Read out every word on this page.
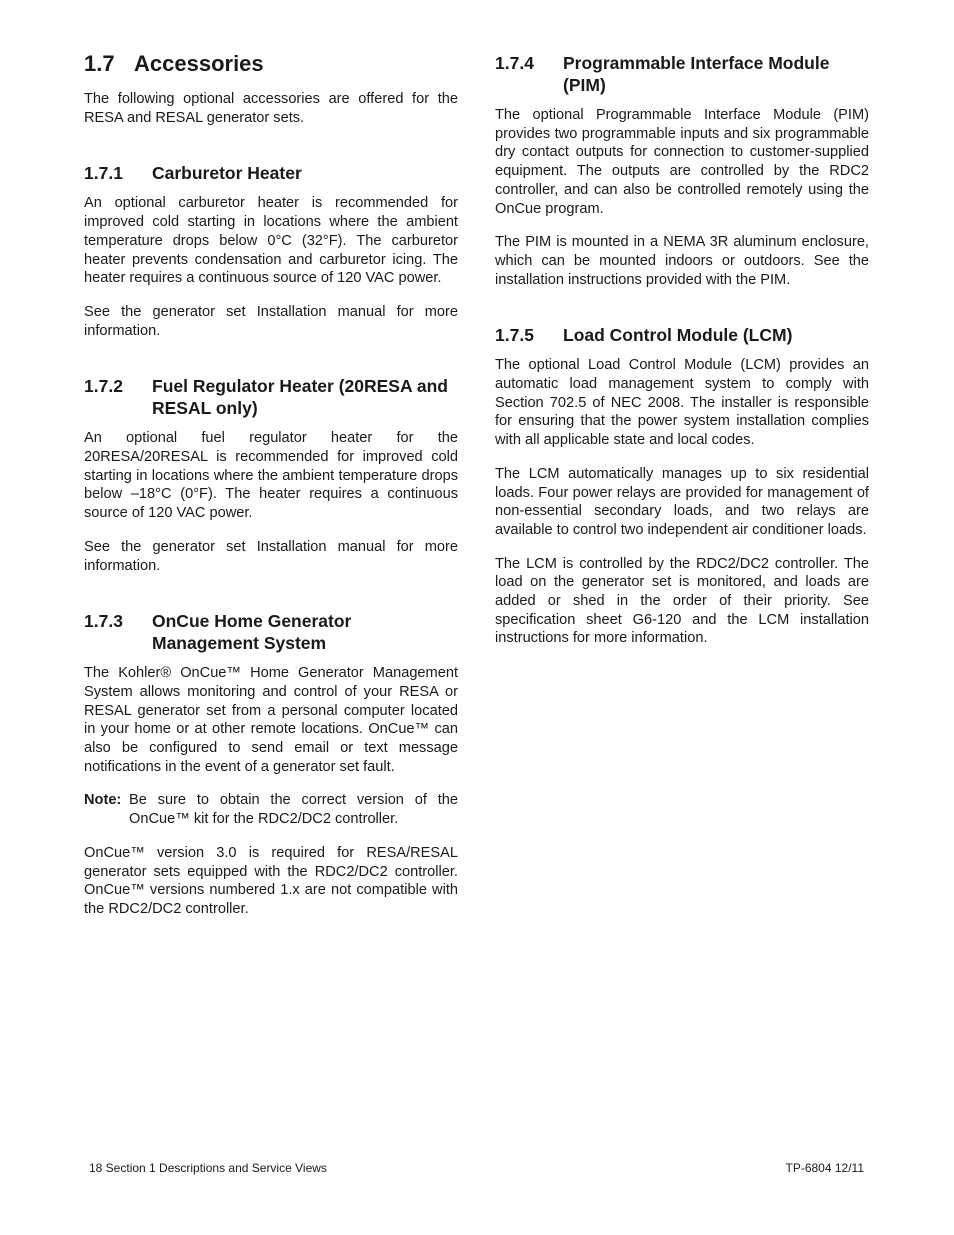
1.7 Accessories

The following optional accessories are offered for the RESA and RESAL generator sets.

1.7.1	Carburetor Heater

An optional carburetor heater is recommended for improved cold starting in locations where the ambient temperature drops below 0°C (32°F). The carburetor heater prevents condensation and carburetor icing. The heater requires a continuous source of 120 VAC power.

See the generator set Installation manual for more information.

1.7.2	Fuel Regulator Heater (20RESA and RESAL only)

An optional fuel regulator heater for the 20RESA/20RESAL is recommended for improved cold starting in locations where the ambient temperature drops below –18°C (0°F). The heater requires a continuous source of 120 VAC power.

See the generator set Installation manual for more information.

1.7.3	OnCue Home Generator Management System

The Kohler® OnCue™ Home Generator Management System allows monitoring and control of your RESA or RESAL generator set from a personal computer located in your home or at other remote locations. OnCue™ can also be configured to send email or text message notifications in the event of a generator set fault.

Note: Be sure to obtain the correct version of the OnCue™ kit for the RDC2/DC2 controller.

OnCue™ version 3.0 is required for RESA/RESAL generator sets equipped with the RDC2/DC2 controller. OnCue™ versions numbered 1.x are not compatible with the RDC2/DC2 controller.

1.7.4	Programmable Interface Module (PIM)

The optional Programmable Interface Module (PIM) provides two programmable inputs and six programmable dry contact outputs for connection to customer-supplied equipment. The outputs are controlled by the RDC2 controller, and can also be controlled remotely using the OnCue program.

The PIM is mounted in a NEMA 3R aluminum enclosure, which can be mounted indoors or outdoors. See the installation instructions provided with the PIM.

1.7.5	Load Control Module (LCM)

The optional Load Control Module (LCM) provides an automatic load management system to comply with Section 702.5 of NEC 2008. The installer is responsible for ensuring that the power system installation complies with all applicable state and local codes.

The LCM automatically manages up to six residential loads. Four power relays are provided for management of non-essential secondary loads, and two relays are available to control two independent air conditioner loads.

The LCM is controlled by the RDC2/DC2 controller. The load on the generator set is monitored, and loads are added or shed in the order of their priority. See specification sheet G6-120 and the LCM installation instructions for more information.

18 Section 1 Descriptions and Service Views	TP-6804 12/11
